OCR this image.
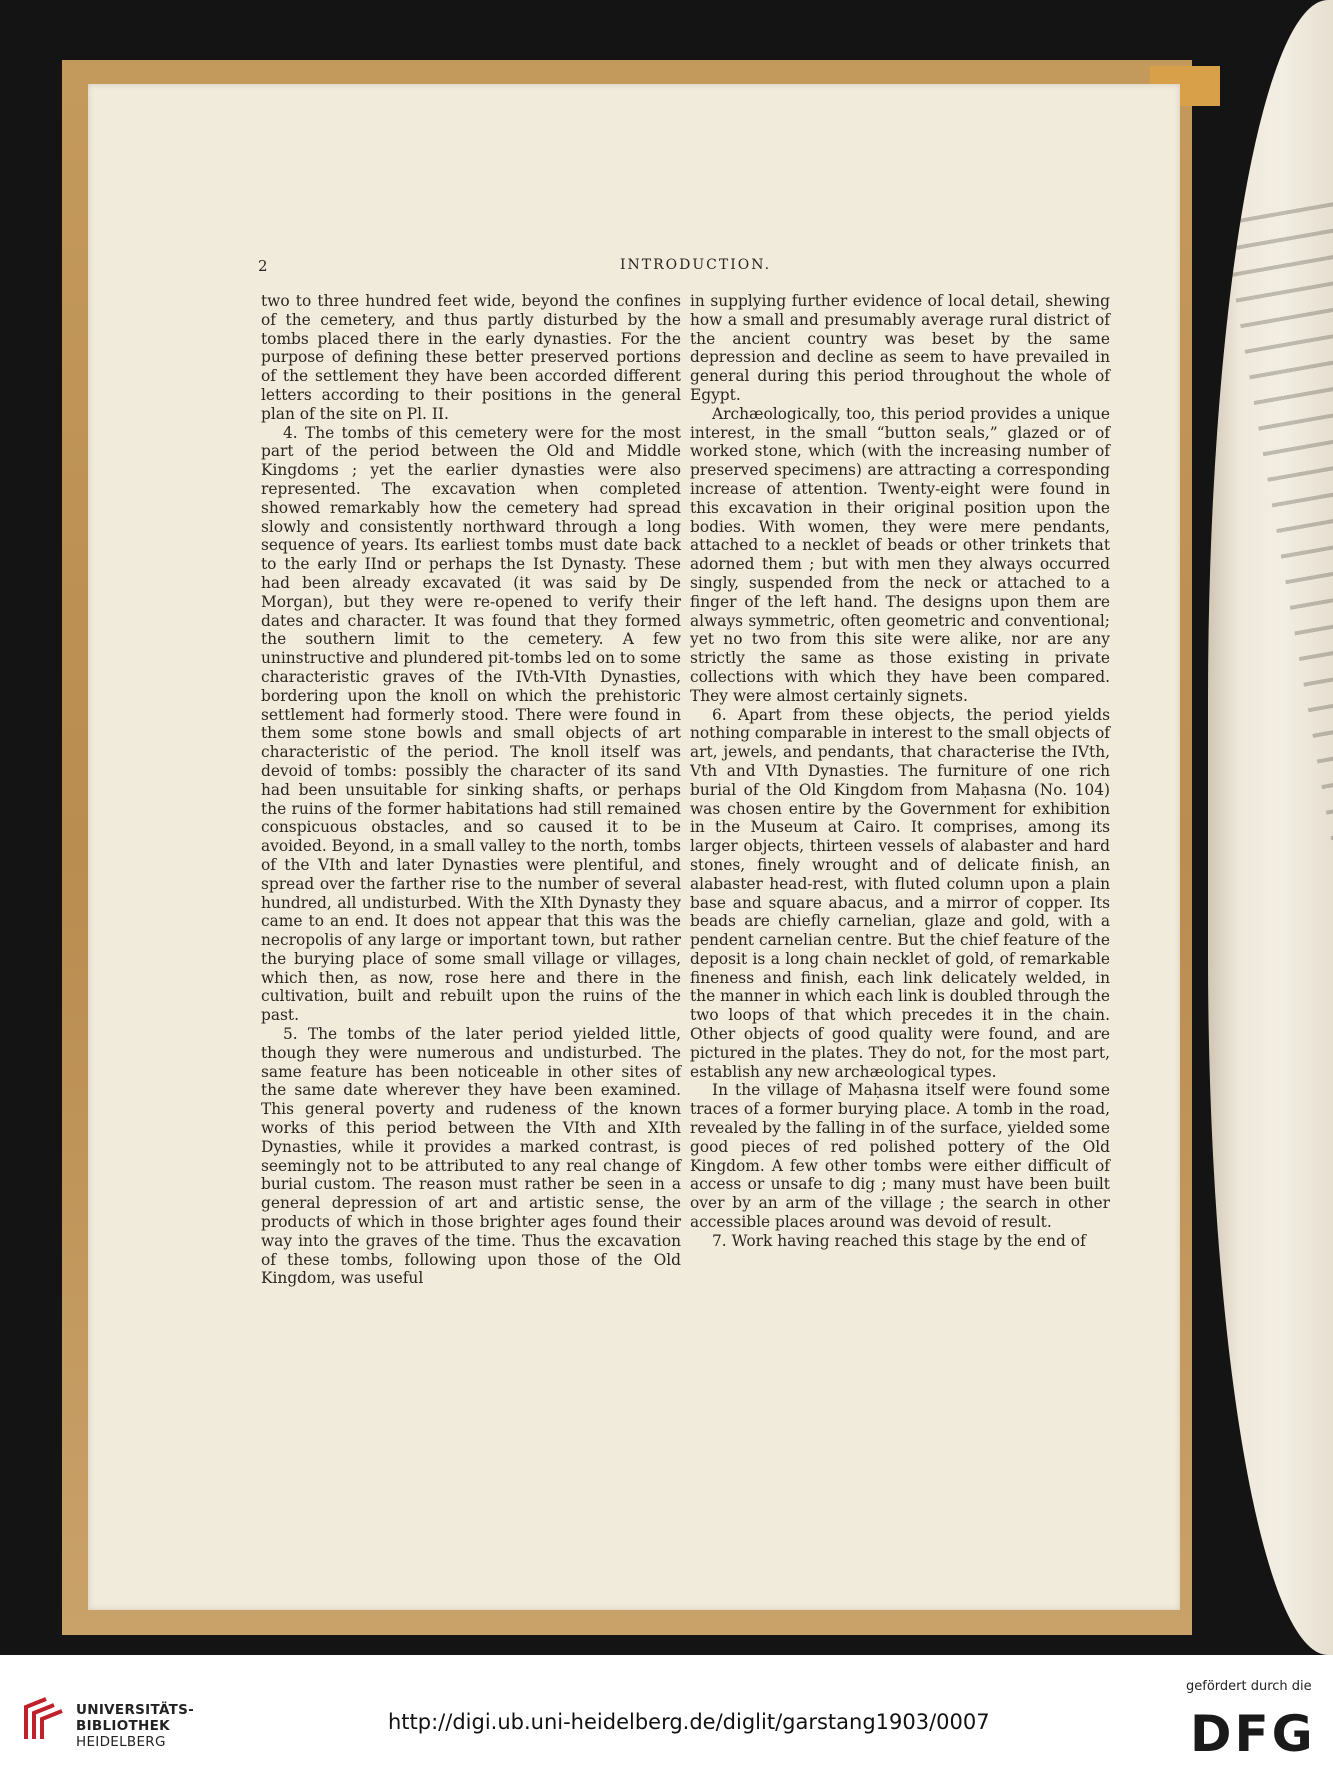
2	INTRODUCTION.

two to three hundred feet wide, beyond the confines of the cemetery, and thus partly disturbed by the tombs placed there in the early dynasties. For the purpose of defining these better preserved portions of the settlement they have been accorded different letters according to their positions in the general plan of the site on Pl. II.

4. The tombs of this cemetery were for the most part of the period between the Old and Middle Kingdoms ; yet the earlier dynasties were also represented. The excavation when completed showed remarkably how the cemetery had spread slowly and consistently northward through a long sequence of years. Its earliest tombs must date back to the early IInd or perhaps the Ist Dynasty. These had been already excavated (it was said by De Morgan), but they were re-opened to verify their dates and character. It was found that they formed the southern limit to the cemetery. A few uninstructive and plundered pit-tombs led on to some characteristic graves of the IVth-VIth Dynasties, bordering upon the knoll on which the prehistoric settlement had formerly stood. There were found in them some stone bowls and small objects of art characteristic of the period. The knoll itself was devoid of tombs: possibly the character of its sand had been unsuitable for sinking shafts, or perhaps the ruins of the former habitations had still remained conspicuous obstacles, and so caused it to be avoided. Beyond, in a small valley to the north, tombs of the VIth and later Dynasties were plentiful, and spread over the farther rise to the number of several hundred, all undisturbed. With the XIth Dynasty they came to an end. It does not appear that this was the necropolis of any large or important town, but rather the burying place of some small village or villages, which then, as now, rose here and there in the cultivation, built and rebuilt upon the ruins of the past.

5. The tombs of the later period yielded little, though they were numerous and undisturbed. The same feature has been noticeable in other sites of the same date wherever they have been examined. This general poverty and rudeness of the known works of this period between the VIth and XIth Dynasties, while it provides a marked contrast, is seemingly not to be attributed to any real change of burial custom. The reason must rather be seen in a general depression of art and artistic sense, the products of which in those brighter ages found their way into the graves of the time. Thus the excavation of these tombs, following upon those of the Old Kingdom, was useful

in supplying further evidence of local detail, shewing how a small and presumably average rural district of the ancient country was beset by the same depression and decline as seem to have prevailed in general during this period throughout the whole of Egypt.

Archæologically, too, this period provides a unique interest, in the small “button seals,” glazed or of worked stone, which (with the increasing number of preserved specimens) are attracting a corresponding increase of attention. Twenty-eight were found in this excavation in their original position upon the bodies. With women, they were mere pendants, attached to a necklet of beads or other trinkets that adorned them ; but with men they always occurred singly, suspended from the neck or attached to a finger of the left hand. The designs upon them are always symmetric, often geometric and conventional; yet no two from this site were alike, nor are any strictly the same as those existing in private collections with which they have been compared. They were almost certainly signets.

6. Apart from these objects, the period yields nothing comparable in interest to the small objects of art, jewels, and pendants, that characterise the IVth, Vth and VIth Dynasties. The furniture of one rich burial of the Old Kingdom from Maḥasna (No. 104) was chosen entire by the Government for exhibition in the Museum at Cairo. It comprises, among its larger objects, thirteen vessels of alabaster and hard stones, finely wrought and of delicate finish, an alabaster head-rest, with fluted column upon a plain base and square abacus, and a mirror of copper. Its beads are chiefly carnelian, glaze and gold, with a pendent carnelian centre. But the chief feature of the deposit is a long chain necklet of gold, of remarkable fineness and finish, each link delicately welded, in the manner in which each link is doubled through the two loops of that which precedes it in the chain. Other objects of good quality were found, and are pictured in the plates. They do not, for the most part, establish any new archæological types.

In the village of Maḥasna itself were found some traces of a former burying place. A tomb in the road, revealed by the falling in of the surface, yielded some good pieces of red polished pottery of the Old Kingdom. A few other tombs were either difficult of access or unsafe to dig ; many must have been built over by an arm of the village ; the search in other accessible places around was devoid of result.

7. Work having reached this stage by the end of

UNIVERSITÄTS-
BIBLIOTHEK
HEIDELBERG
http://digi.ub.uni-heidelberg.de/diglit/garstang1903/0007
gefördert durch die
DFG
